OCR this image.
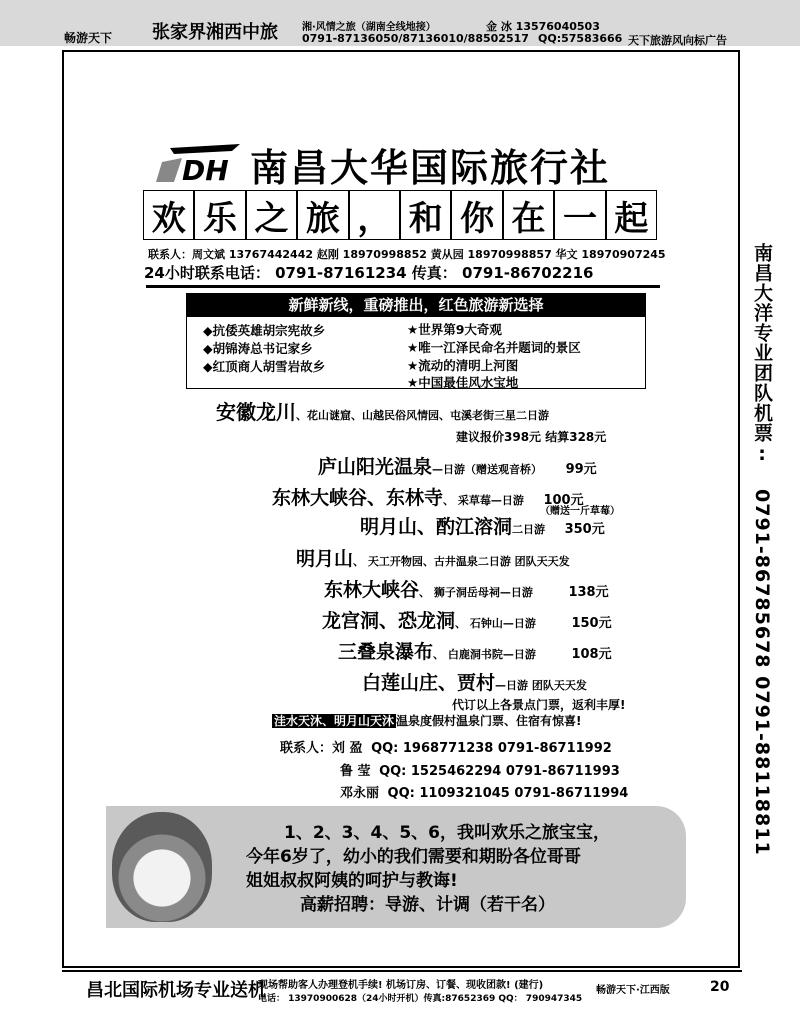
畅游天下 张家界湘西中旅 湘·风情之旅（湖南全线地接）
0791-87136050/87136010/88502517
金 冰 13576040503
QQ:57583666 天下旅游风向标广告
南昌大洋专业团队机票: 0791-86785678 0791-88118811
DH 南昌大华国际旅行社
欢 乐 之 旅 ， 和 你 在 一 起
联系人：周文斌 13767442442 赵刚 18970998852 黄从园 18970998857 华文 18970907245
24小时联系电话： 0791-87161234 传真： 0791-86702216
新鲜新线，重磅推出，红色旅游新选择
◆抗倭英雄胡宗宪故乡
◆胡锦涛总书记家乡
◆红顶商人胡雪岩故乡
★世界第9大奇观
★唯一江泽民命名并题词的景区
★流动的清明上河图
★中国最佳风水宝地
安徽龙川、花山谜窟、山越民俗风情园、屯溪老街三星二日游
建议报价398元 结算328元
庐山阳光温泉—日游（赠送观音桥） 99元
东林大峡谷、东林寺、 采草莓—日游 100元
（赠送一斤草莓）
明月山、酌江溶洞二日游 350元
明月山、 天工开物园、古井温泉二日游 团队天天发
东林大峡谷、 狮子洞岳母祠—日游	138元
龙宫洞、恐龙洞、 石钟山—日游	150元
三叠泉瀑布、 白鹿洞书院—日游	108元
白莲山庄、贾村—日游 团队天天发
代订以上各景点门票，返利丰厚!
洼水天沐、明月山天沐 温泉度假村温泉门票、住宿有惊喜!
联系人：刘 盈 QQ: 1968771238 0791-86711992
鲁 莹 QQ: 1525462294 0791-86711993
邓永丽 QQ: 1109321045 0791-86711994
1、2、3、4、5、6，我叫欢乐之旅宝宝，
今年6岁了，幼小的我们需要和期盼各位哥哥
姐姐叔叔阿姨的呵护与教诲!
高薪招聘：导游、计调（若干名）
昌北国际机场专业送机
现场帮助客人办理登机手续! 机场订房、订餐、现收团款! (建行)
电话： 13970900628（24小时开机）传真:87652369 QQ： 790947345
畅游天下·江西版	20
